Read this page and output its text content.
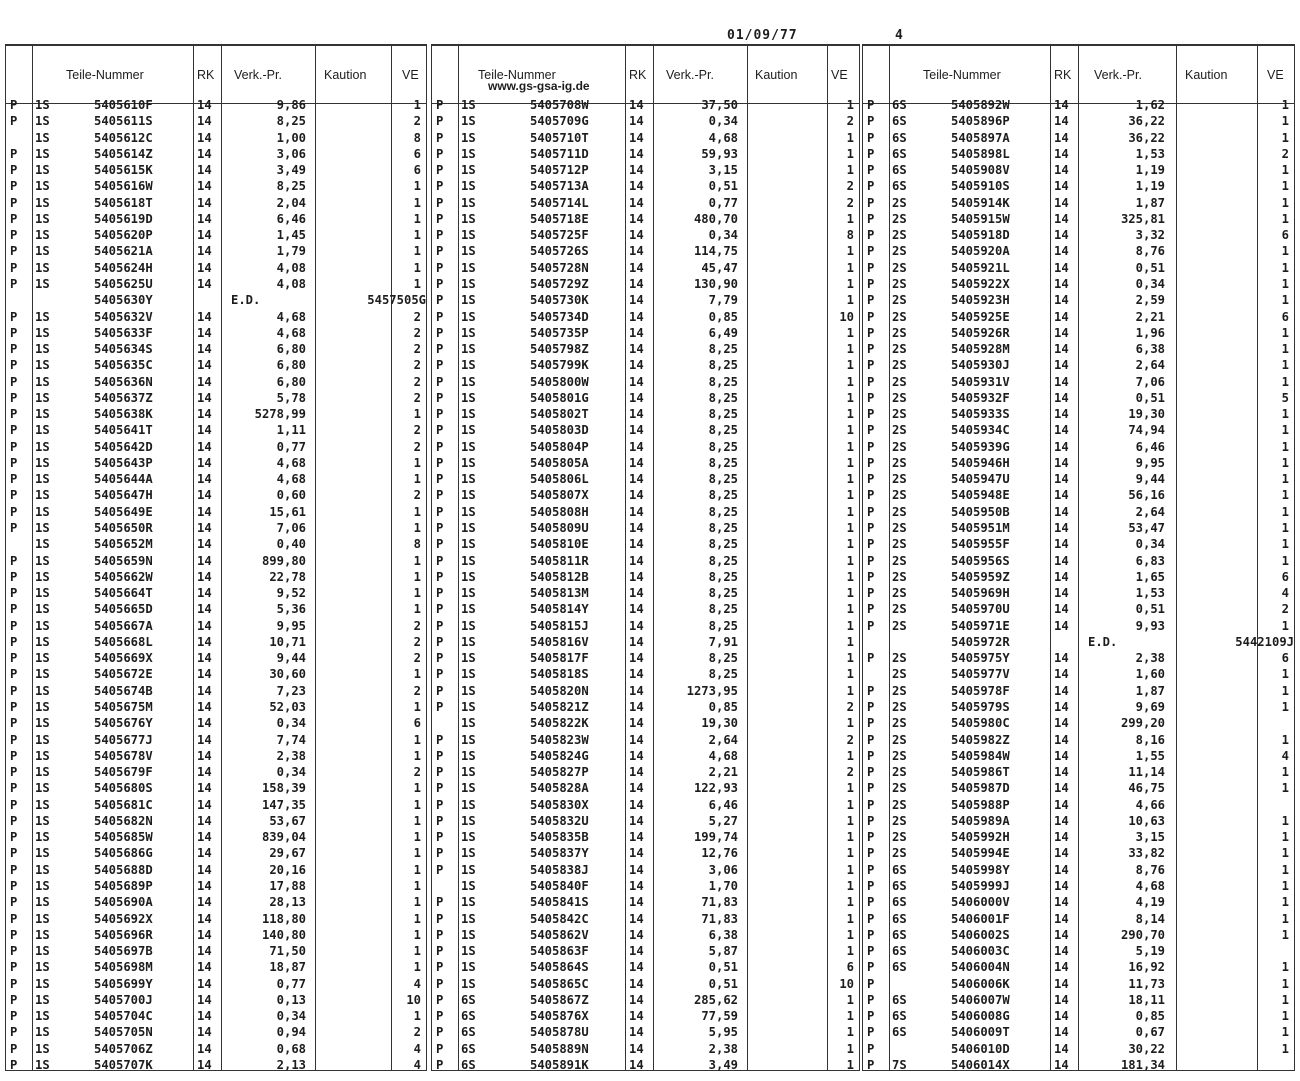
01/09/77	4
www.gs-gsa-ig.de
Teile-Nummer	RK Verk.-Pr.	Kaution	VE
P 1S	5405610F	14	9,86	1
P 1S	5405611S	14	8,25	2
1S	5405612C	14	1,00	8
P 1S	5405614Z	14	3,06	6
P 1S	5405615K	14	3,49	6
P 1S	5405616W	14	8,25	1
P 1S	5405618T	14	2,04	1
P 1S	5405619D	14	6,46	1
P 1S	5405620P	14	1,45	1
P 1S	5405621A	14	1,79	1
P 1S	5405624H	14	4,08	1
P 1S	5405625U	14	4,08	1
5405630Y	E.D.	5457505G
P 1S	5405632V	14	4,68	2
P 1S	5405633F	14	4,68	2
P 1S	5405634S	14	6,80	2
P 1S	5405635C	14	6,80	2
P 1S	5405636N	14	6,80	2
P 1S	5405637Z	14	5,78	2
P 1S	5405638K	14	5278,99	1
P 1S	5405641T	14	1,11	2
P 1S	5405642D	14	0,77	2
P 1S	5405643P	14	4,68	1
P 1S	5405644A	14	4,68	1
P 1S	5405647H	14	0,60	2
P 1S	5405649E	14	15,61	1
P 1S	5405650R	14	7,06	1
1S	5405652M	14	0,40	8
P 1S	5405659N	14	899,80	1
P 1S	5405662W	14	22,78	1
P 1S	5405664T	14	9,52	1
P 1S	5405665D	14	5,36	1
P 1S	5405667A	14	9,95	2
P 1S	5405668L	14	10,71	2
P 1S	5405669X	14	9,44	2
P 1S	5405672E	14	30,60	1
P 1S	5405674B	14	7,23	2
P 1S	5405675M	14	52,03	1
P 1S	5405676Y	14	0,34	6
P 1S	5405677J	14	7,74	1
P 1S	5405678V	14	2,38	1
P 1S	5405679F	14	0,34	2
P 1S	5405680S	14	158,39	1
P 1S	5405681C	14	147,35	1
P 1S	5405682N	14	53,67	1
P 1S	5405685W	14	839,04	1
P 1S	5405686G	14	29,67	1
P 1S	5405688D	14	20,16	1
P 1S	5405689P	14	17,88	1
P 1S	5405690A	14	28,13	1
P 1S	5405692X	14	118,80	1
P 1S	5405696R	14	140,80	1
P 1S	5405697B	14	71,50	1
P 1S	5405698M	14	18,87	1
P 1S	5405699Y	14	0,77	4
P 1S	5405700J	14	0,13	10
P 1S	5405704C	14	0,34	1
P 1S	5405705N	14	0,94	2
P 1S	5405706Z	14	0,68	4
P 1S	5405707K	14	2,13	4
Teile-Nummer	RK Verk.-Pr.	Kaution	VE
P 1S	5405708W	14	37,50	1
P 1S	5405709G	14	0,34	2
P 1S	5405710T	14	4,68	1
P 1S	5405711D	14	59,93	1
P 1S	5405712P	14	3,15	1
P 1S	5405713A	14	0,51	2
P 1S	5405714L	14	0,77	2
P 1S	5405718E	14	480,70	1
P 1S	5405725F	14	0,34	8
P 1S	5405726S	14	114,75	1
P 1S	5405728N	14	45,47	1
P 1S	5405729Z	14	130,90	1
P 1S	5405730K	14	7,79	1
P 1S	5405734D	14	0,85	10
P 1S	5405735P	14	6,49	1
P 1S	5405798Z	14	8,25	1
P 1S	5405799K	14	8,25	1
P 1S	5405800W	14	8,25	1
P 1S	5405801G	14	8,25	1
P 1S	5405802T	14	8,25	1
P 1S	5405803D	14	8,25	1
P 1S	5405804P	14	8,25	1
P 1S	5405805A	14	8,25	1
P 1S	5405806L	14	8,25	1
P 1S	5405807X	14	8,25	1
P 1S	5405808H	14	8,25	1
P 1S	5405809U	14	8,25	1
P 1S	5405810E	14	8,25	1
P 1S	5405811R	14	8,25	1
P 1S	5405812B	14	8,25	1
P 1S	5405813M	14	8,25	1
P 1S	5405814Y	14	8,25	1
P 1S	5405815J	14	8,25	1
P 1S	5405816V	14	7,91	1
P 1S	5405817F	14	8,25	1
P 1S	5405818S	14	8,25	1
P 1S	5405820N	14	1273,95	1
P 1S	5405821Z	14	0,85	2
1S	5405822K	14	19,30	1
P 1S	5405823W	14	2,64	2
P 1S	5405824G	14	4,68	1
P 1S	5405827P	14	2,21	2
P 1S	5405828A	14	122,93	1
P 1S	5405830X	14	6,46	1
P 1S	5405832U	14	5,27	1
P 1S	5405835B	14	199,74	1
P 1S	5405837Y	14	12,76	1
P 1S	5405838J	14	3,06	1
1S	5405840F	14	1,70	1
P 1S	5405841S	14	71,83	1
P 1S	5405842C	14	71,83	1
P 1S	5405862V	14	6,38	1
P 1S	5405863F	14	5,87	1
P 1S	5405864S	14	0,51	6
P 1S	5405865C	14	0,51	10
P 6S	5405867Z	14	285,62	1
P 6S	5405876X	14	77,59	1
P 6S	5405878U	14	5,95	1
P 6S	5405889N	14	2,38	1
P 6S	5405891K	14	3,49	1
Teile-Nummer	RK Verk.-Pr.	Kaution	VE
P 6S	5405892W	14	1,62	1
P 6S	5405896P	14	36,22	1
P 6S	5405897A	14	36,22	1
P 6S	5405898L	14	1,53	2
P 6S	5405908V	14	1,19	1
P 6S	5405910S	14	1,19	1
P 2S	5405914K	14	1,87	1
P 2S	5405915W	14	325,81	1
P 2S	5405918D	14	3,32	6
P 2S	5405920A	14	8,76	1
P 2S	5405921L	14	0,51	1
P 2S	5405922X	14	0,34	1
P 2S	5405923H	14	2,59	1
P 2S	5405925E	14	2,21	6
P 2S	5405926R	14	1,96	1
P 2S	5405928M	14	6,38	1
P 2S	5405930J	14	2,64	1
P 2S	5405931V	14	7,06	1
P 2S	5405932F	14	0,51	5
P 2S	5405933S	14	19,30	1
P 2S	5405934C	14	74,94	1
P 2S	5405939G	14	6,46	1
P 2S	5405946H	14	9,95	1
P 2S	5405947U	14	9,44	1
P 2S	5405948E	14	56,16	1
P 2S	5405950B	14	2,64	1
P 2S	5405951M	14	53,47	1
P 2S	5405955F	14	0,34	1
P 2S	5405956S	14	6,83	1
P 2S	5405959Z	14	1,65	6
P 2S	5405969H	14	1,53	4
P 2S	5405970U	14	0,51	2
P 2S	5405971E	14	9,93	1
5405972R	E.D.	5442109J
P 2S	5405975Y	14	2,38	6
2S	5405977V	14	1,60	1
P 2S	5405978F	14	1,87	1
P 2S	5405979S	14	9,69	1
P 2S	5405980C	14	299,20

P 2S	5405982Z	14	8,16	1
P 2S	5405984W	14	1,55	4
P 2S	5405986T	14	11,14	1
P 2S	5405987D	14	46,75	1
P 2S	5405988P	14	4,66

P 2S	5405989A	14	10,63	1
P 2S	5405992H	14	3,15	1
P 2S	5405994E	14	33,82	1
P 6S	5405998Y	14	8,76	1
P 6S	5405999J	14	4,68	1
P 6S	5406000V	14	4,19	1
P 6S	5406001F	14	8,14	1
P 6S	5406002S	14	290,70	1
P 6S	5406003C	14	5,19

P 6S	5406004N	14	16,92	1
P	5406006K	14	11,73	1
P 6S	5406007W	14	18,11	1
P 6S	5406008G	14	0,85	1
P 6S	5406009T	14	0,67	1
P	5406010D	14	30,22	1
P 7S	5406014X	14	181,34
